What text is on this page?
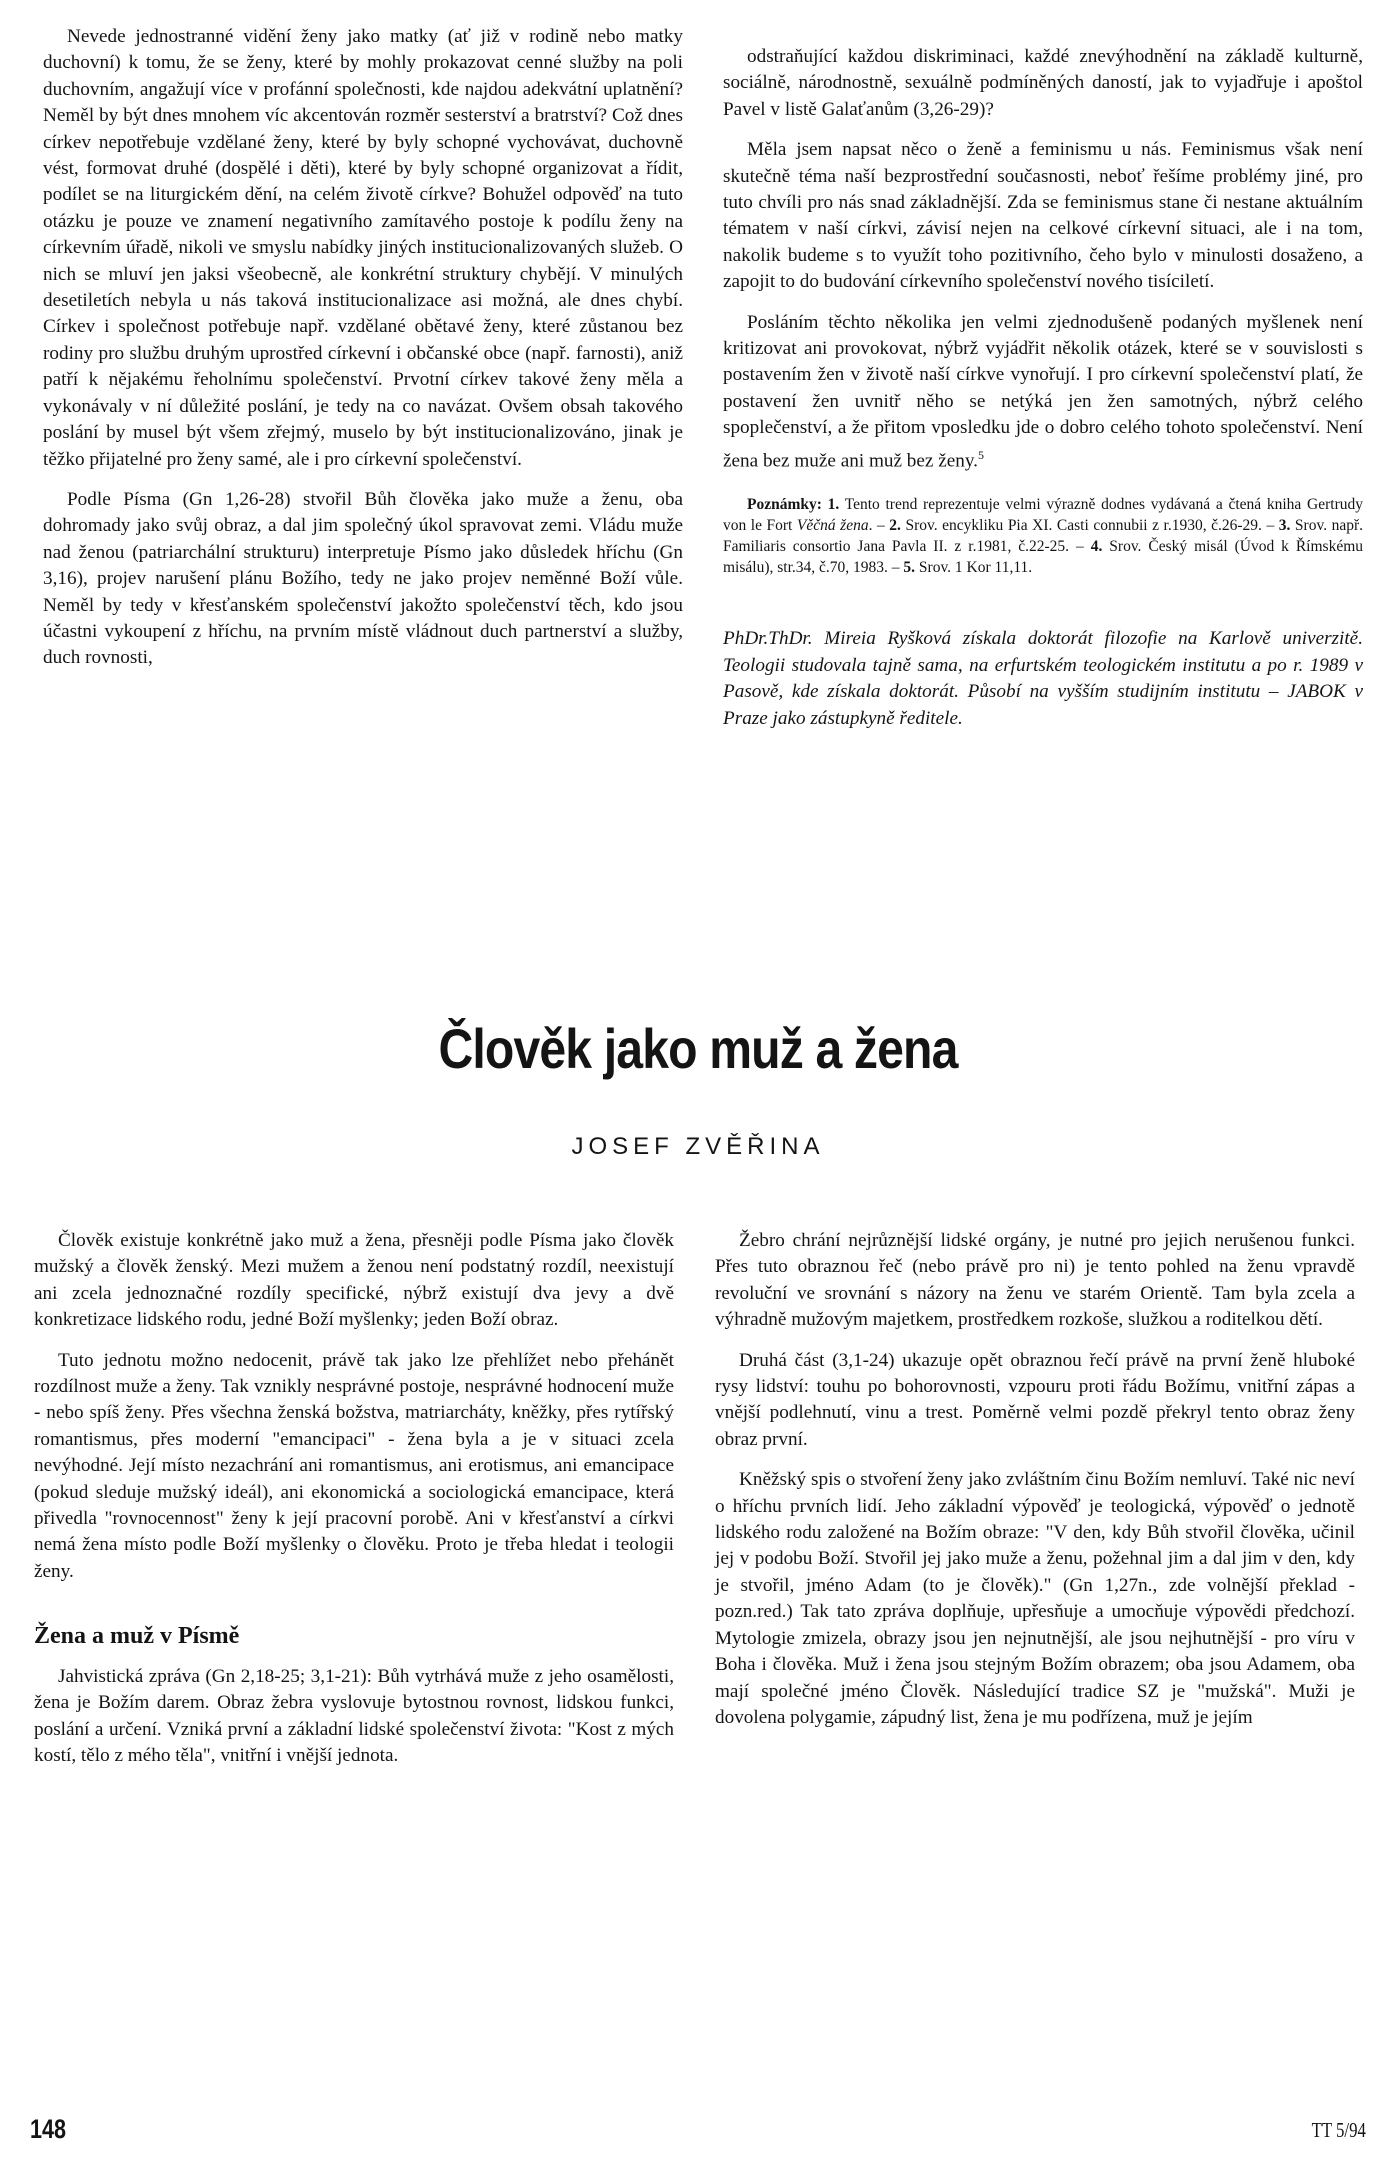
Nevede jednostranné vidění ženy jako matky (ať již v rodině nebo matky duchovní) k tomu, že se ženy, které by mohly prokazovat cenné služby na poli duchovním, angažují více v profánní společnosti, kde najdou adekvátní uplatnění? Neměl by být dnes mnohem víc akcentován rozměr sesterství a bratrství? Což dnes církev nepotřebuje vzdělané ženy, které by byly schopné vychovávat, duchovně vést, formovat druhé (dospělé i děti), které by byly schopné organizovat a řídit, podílet se na liturgickém dění, na celém životě církve? Bohužel odpověď na tuto otázku je pouze ve znamení negativního zamítavého postoje k podílu ženy na církevním úřadě, nikoli ve smyslu nabídky jiných institucionalizovaných služeb. O nich se mluví jen jaksi všeobecně, ale konkrétní struktury chybějí. V minulých desetiletích nebyla u nás taková institucionalizace asi možná, ale dnes chybí. Církev i společnost potřebuje např. vzdělané obětavé ženy, které zůstanou bez rodiny pro službu druhým uprostřed církevní i občanské obce (např. farnosti), aniž patří k nějakému řeholnímu společenství. Prvotní církev takové ženy měla a vykonávaly v ní důležité poslání, je tedy na co navázat. Ovšem obsah takového poslání by musel být všem zřejmý, muselo by být institucionalizováno, jinak je těžko přijatelné pro ženy samé, ale i pro církevní společenství.

Podle Písma (Gn 1,26-28) stvořil Bůh člověka jako muže a ženu, oba dohromady jako svůj obraz, a dal jim společný úkol spravovat zemi. Vládu muže nad ženou (patriarchální strukturu) interpretuje Písmo jako důsledek hříchu (Gn 3,16), projev narušení plánu Božího, tedy ne jako projev neměnné Boží vůle. Neměl by tedy v křesťanském společenství jakožto společenství těch, kdo jsou účastni vykoupení z hříchu, na prvním místě vládnout duch partnerství a služby, duch rovnosti,

odstraňující každou diskriminaci, každé znevýhodnění na základě kulturně, sociálně, národnostně, sexuálně podmíněných daností, jak to vyjadřuje i apoštol Pavel v listě Galaťanům (3,26-29)?

Měla jsem napsat něco o ženě a feminismu u nás. Feminismus však není skutečně téma naší bezprostřední současnosti, neboť řešíme problémy jiné, pro tuto chvíli pro nás snad základnější. Zda se feminismus stane či nestane aktuálním tématem v naší církvi, závisí nejen na celkové církevní situaci, ale i na tom, nakolik budeme s to využít toho pozitivního, čeho bylo v minulosti dosaženo, a zapojit to do budování církevního společenství nového tisíciletí.

Posláním těchto několika jen velmi zjednodušeně podaných myšlenek není kritizovat ani provokovat, nýbrž vyjádřit několik otázek, které se v souvislosti s postavením žen v životě naší církve vynořují. I pro církevní společenství platí, že postavení žen uvnitř něho se netýká jen žen samotných, nýbrž celého spoplečenství, a že přitom vposledku jde o dobro celého tohoto společenství. Není žena bez muže ani muž bez ženy.$^5$

Poznámky: 1. Tento trend reprezentuje velmi výrazně dodnes vydávaná a čtená kniha Gertrudy von le Fort Věčná žena. – 2. Srov. encykliku Pia XI. Casti connubii z r.1930, č.26-29. – 3. Srov. např. Familiaris consortio Jana Pavla II. z r.1981, č.22-25. – 4. Srov. Český misál (Úvod k Římskému misálu), str.34, č.70, 1983. – 5. Srov. 1 Kor 11,11.

PhDr.ThDr. Mireia Ryšková získala doktorát filozofie na Karlově univerzitě. Teologii studovala tajně sama, na erfurtském teologickém institutu a po r. 1989 v Pasově, kde získala doktorát. Působí na vyšším studijním institutu – JABOK v Praze jako zástupkyně ředitele.

Člověk jako muž a žena
JOSEF ZVĚŘINA

Člověk existuje konkrétně jako muž a žena, přesněji podle Písma jako člověk mužský a člověk ženský. Mezi mužem a ženou není podstatný rozdíl, neexistují ani zcela jednoznačné rozdíly specifické, nýbrž existují dva jevy a dvě konkretizace lidského rodu, jedné Boží myšlenky; jeden Boží obraz.

Tuto jednotu možno nedocenit, právě tak jako lze přehlížet nebo přehánět rozdílnost muže a ženy. Tak vznikly nesprávné postoje, nesprávné hodnocení muže - nebo spíš ženy. Přes všechna ženská božstva, matriarcháty, kněžky, přes rytířský romantismus, přes moderní "emancipaci" - žena byla a je v situaci zcela nevýhodné. Její místo nezachrání ani romantismus, ani erotismus, ani emancipace (pokud sleduje mužský ideál), ani ekonomická a sociologická emancipace, která přivedla "rovnocennost" ženy k její pracovní porobě. Ani v křesťanství a církvi nemá žena místo podle Boží myšlenky o člověku. Proto je třeba hledat i teologii ženy.

Žena a muž v Písmě

Jahvistická zpráva (Gn 2,18-25; 3,1-21): Bůh vytrhává muže z jeho osamělosti, žena je Božím darem. Obraz žebra vyslovuje bytostnou rovnost, lidskou funkci, poslání a určení. Vzniká první a základní lidské společenství života: "Kost z mých kostí, tělo z mého těla", vnitřní i vnější jednota.

Žebro chrání nejrůznější lidské orgány, je nutné pro jejich nerušenou funkci. Přes tuto obraznou řeč (nebo právě pro ni) je tento pohled na ženu vpravdě revoluční ve srovnání s názory na ženu ve starém Orientě. Tam byla zcela a výhradně mužovým majetkem, prostředkem rozkoše, služkou a roditelkou dětí.

Druhá část (3,1-24) ukazuje opět obraznou řečí právě na první ženě hluboké rysy lidství: touhu po bohorovnosti, vzpouru proti řádu Božímu, vnitřní zápas a vnější podlehnutí, vinu a trest. Poměrně velmi pozdě překryl tento obraz ženy obraz první.

Kněžský spis o stvoření ženy jako zvláštním činu Božím nemluví. Také nic neví o hříchu prvních lidí. Jeho základní výpověď je teologická, výpověď o jednotě lidského rodu založené na Božím obraze: "V den, kdy Bůh stvořil člověka, učinil jej v podobu Boží. Stvořil jej jako muže a ženu, požehnal jim a dal jim v den, kdy je stvořil, jméno Adam (to je člověk)." (Gn 1,27n., zde volnější překlad - pozn.red.) Tak tato zpráva doplňuje, upřesňuje a umocňuje výpovědi předchozí. Mytologie zmizela, obrazy jsou jen nejnutnější, ale jsou nejhutnější - pro víru v Boha i člověka. Muž i žena jsou stejným Božím obrazem; oba jsou Adamem, oba mají společné jméno Člověk. Následující tradice SZ je "mužská". Muži je dovolena polygamie, zápudný list, žena je mu podřízena, muž je jejím

148	TT 5/94
